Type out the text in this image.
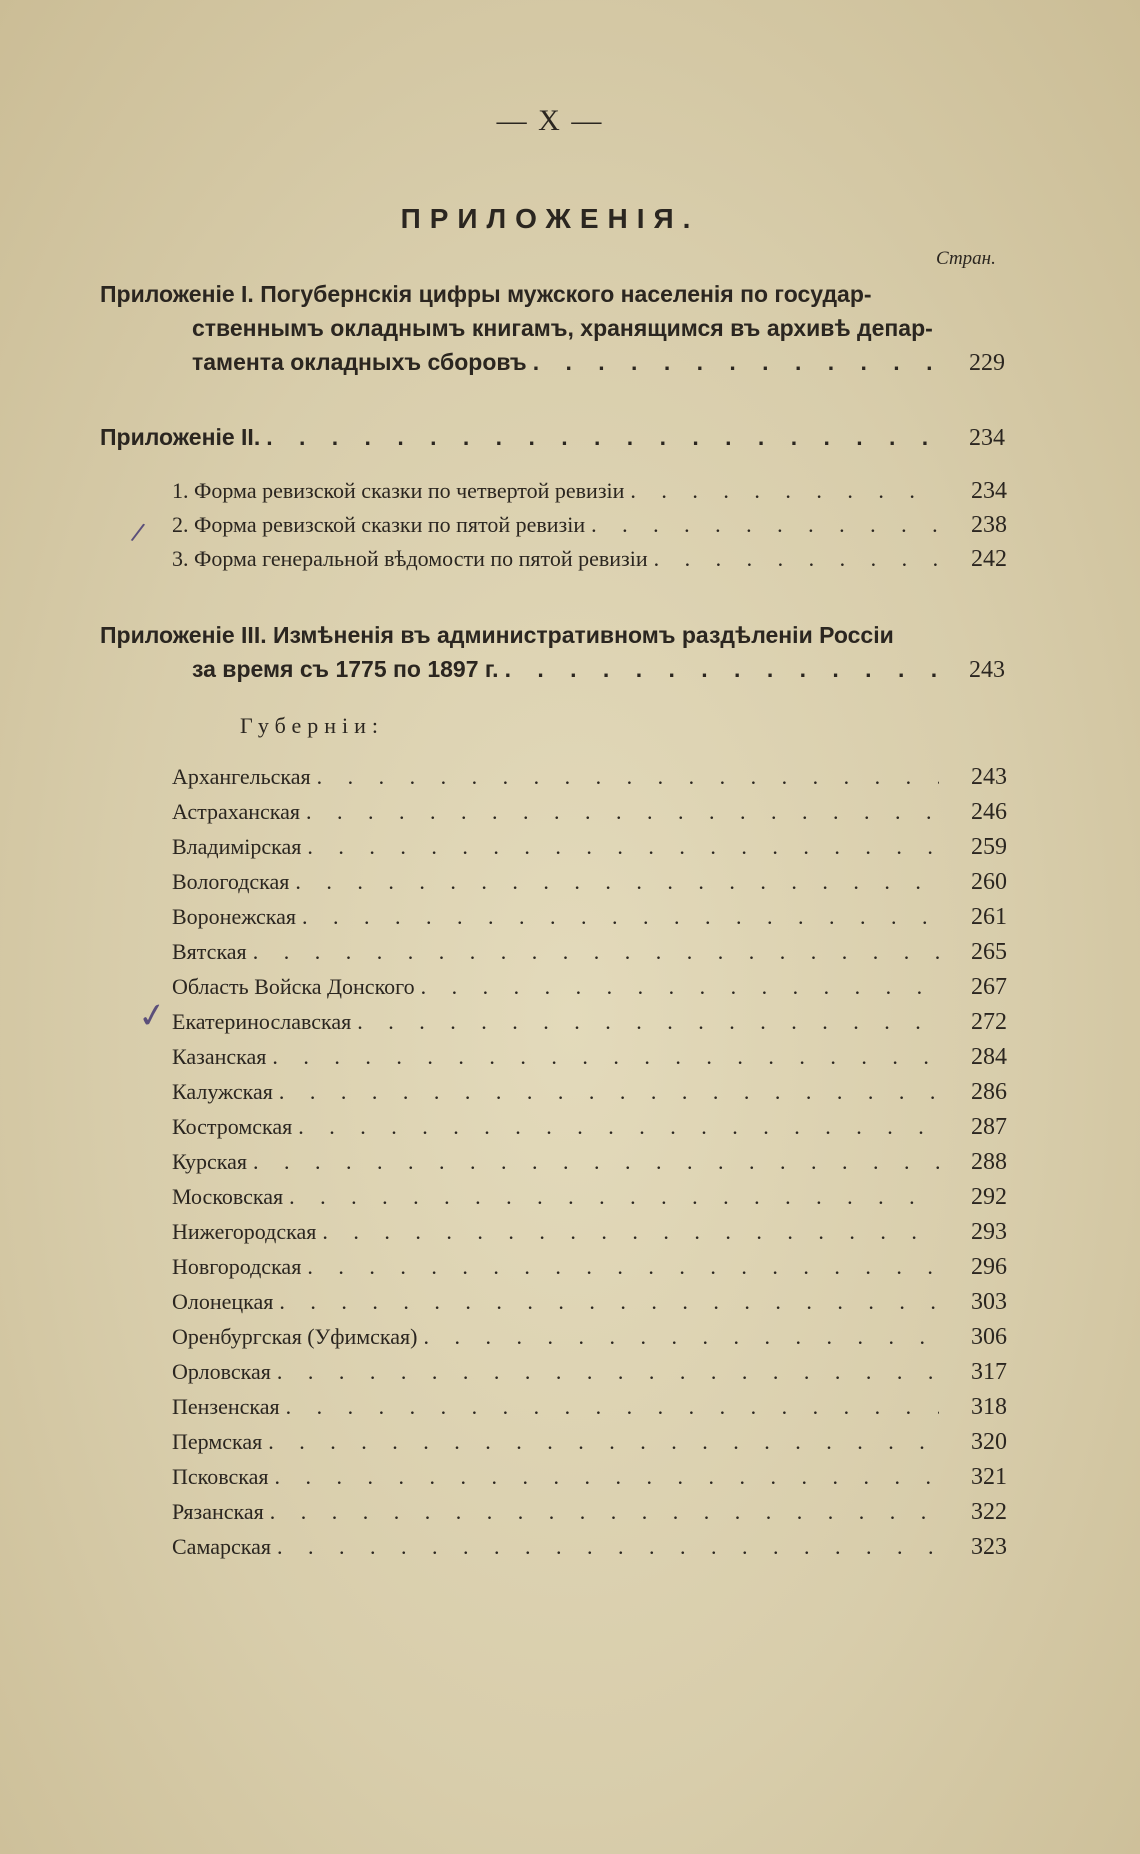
— X —
ПРИЛОЖЕНІЯ.
Стран.
Приложеніе I. Погубернскія цифры мужского населенія по государ-
ственнымъ окладнымъ книгамъ, хранящимся въ архивѣ депар-
тамента окладныхъ сборовъ . . .	229
Приложеніе II. . . .	234
1. Форма ревизской сказки по четвертой ревизіи . . .	234
2. Форма ревизской сказки по пятой ревизіи . . .	238
3. Форма генеральной вѣдомости по пятой ревизіи . . .	242
Приложеніе III. Измѣненія въ административномъ раздѣленіи Россіи
за время съ 1775 по 1897 г. . . .	243
Губерніи:
Архангельская . . .	243
Астраханская . . .	246
Владимірская . . .	259
Вологодская . . .	260
Воронежская . . .	261
Вятская . . .	265
Область Войска Донского . . .	267
Екатеринославская . . .	272
Казанская . . .	284
Калужская . . .	286
Костромская . . .	287
Курская . . .	288
Московская . . .	292
Нижегородская . . .	293
Новгородская . . .	296
Олонецкая . . .	303
Оренбургская (Уфимская) . . .	306
Орловская . . .	317
Пензенская . . .	318
Пермская . . .	320
Псковская . . .	321
Рязанская . . .	322
Самарская . . .	323
/
✓
